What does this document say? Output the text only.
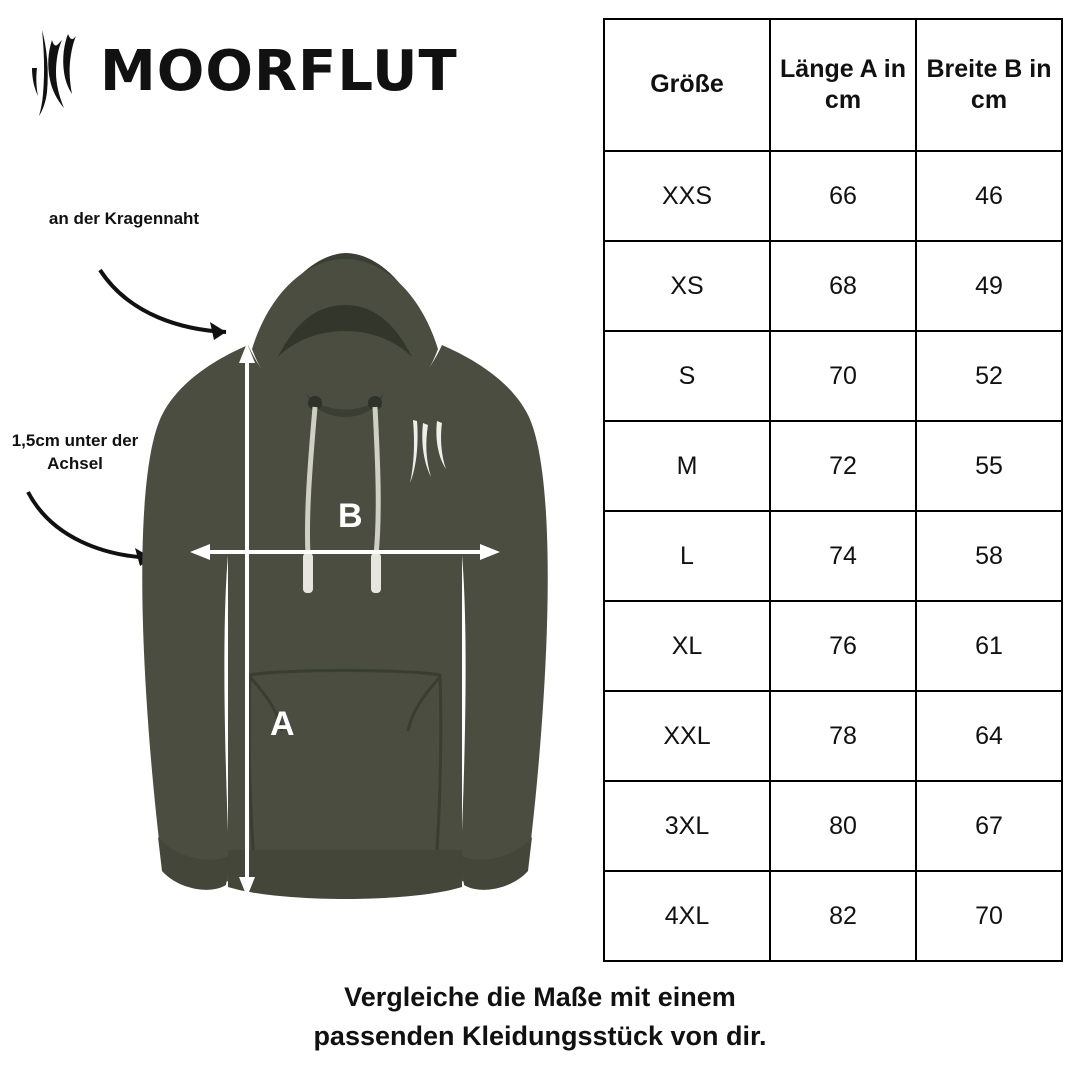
MOORFLUT
an der Kragennaht
1,5cm unter der Achsel
A
B
Größe	Länge A in cm	Breite B in cm
XXS	66	46
XS	68	49
S	70	52
M	72	55
L	74	58
XL	76	61
XXL	78	64
3XL	80	67
4XL	82	70
Vergleiche die Maße mit einem
passenden Kleidungsstück von dir.
